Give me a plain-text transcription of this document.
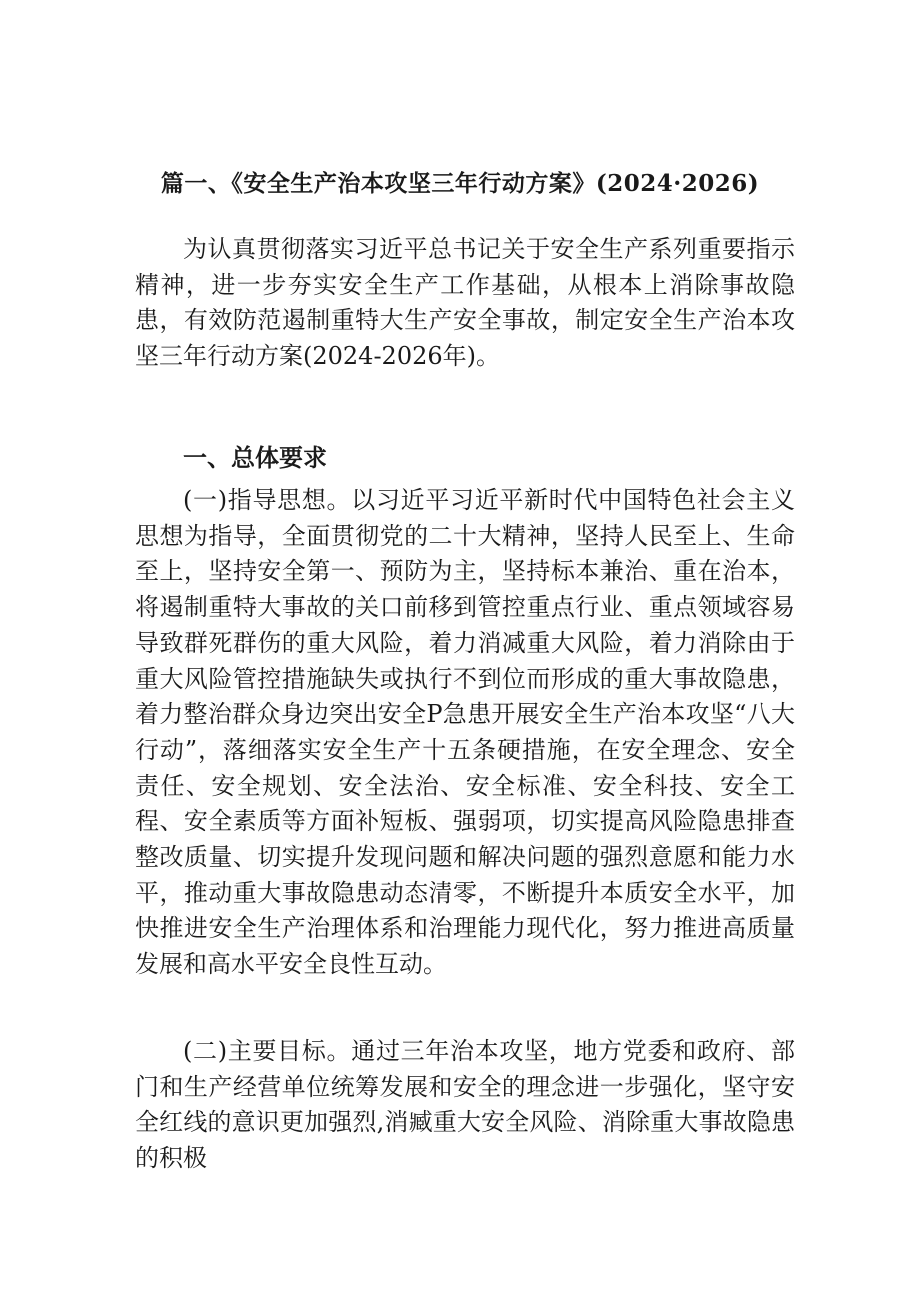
篇一、《安全生产治本攻坚三年行动方案》(2024·2026)

为认真贯彻落实习近平总书记关于安全生产系列重要指示精神，进一步夯实安全生产工作基础，从根本上消除事故隐患，有效防范遏制重特大生产安全事故，制定安全生产治本攻坚三年行动方案(2024-2026年)。

一、总体要求

(一)指导思想。以习近平习近平新时代中国特色社会主义思想为指导，全面贯彻党的二十大精神，坚持人民至上、生命至上，坚持安全第一、预防为主，坚持标本兼治、重在治本，将遏制重特大事故的关口前移到管控重点行业、重点领域容易导致群死群伤的重大风险，着力消减重大风险，着力消除由于重大风险管控措施缺失或执行不到位而形成的重大事故隐患，着力整治群众身边突出安全P急患开展安全生产治本攻坚“八大行动”，落细落实安全生产十五条硬措施，在安全理念、安全责任、安全规划、安全法治、安全标准、安全科技、安全工程、安全素质等方面补短板、强弱项，切实提高风险隐患排查整改质量、切实提升发现问题和解决问题的强烈意愿和能力水平，推动重大事故隐患动态清零，不断提升本质安全水平，加快推进安全生产治理体系和治理能力现代化，努力推进高质量发展和高水平安全良性互动。

(二)主要目标。通过三年治本攻坚，地方党委和政府、部门和生产经营单位统筹发展和安全的理念进一步强化，坚守安全红线的意识更加强烈,消臧重大安全风险、消除重大事故隐患的积极
